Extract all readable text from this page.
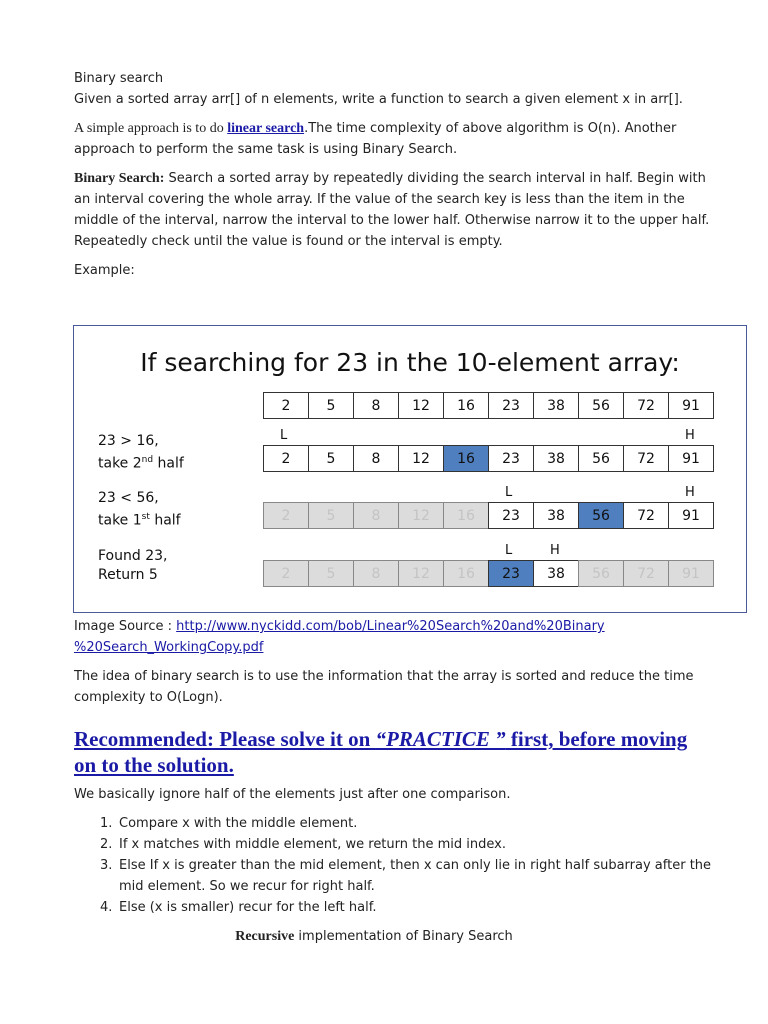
Binary search

Given a sorted array arr[] of n elements, write a function to search a given element x in arr[].

A simple approach is to do linear search.The time complexity of above algorithm is O(n). Another approach to perform the same task is using Binary Search.

Binary Search: Search a sorted array by repeatedly dividing the search interval in half. Begin with an interval covering the whole array. If the value of the search key is less than the item in the middle of the interval, narrow the interval to the lower half. Otherwise narrow it to the upper half. Repeatedly check until the value is found or the interval is empty.

Example:

If searching for 23 in the 10-element array:
2	5	8	12	16	23	38	56	72	91
2	5	8	12	16	23	38	56	72	91
23 > 16,
take 2nd half
L	H
2	5	8	12	16	23	38	56	72	91
23 < 56,
take 1st half
L	H
2	5	8	12	16	23	38	56	72	91
Found 23,
Return 5
L	H

Image Source : http://www.nyckidd.com/bob/Linear%20Search%20and%20Binary
%20Search_WorkingCopy.pdf

The idea of binary search is to use the information that the array is sorted and reduce the time complexity to O(Logn).

Recommended: Please solve it on “PRACTICE ” first, before moving on to the solution.

We basically ignore half of the elements just after one comparison.

1. Compare x with the middle element.
2. If x matches with middle element, we return the mid index.
3. Else If x is greater than the mid element, then x can only lie in right half subarray after the mid element. So we recur for right half.
4. Else (x is smaller) recur for the left half.

Recursive implementation of Binary Search
